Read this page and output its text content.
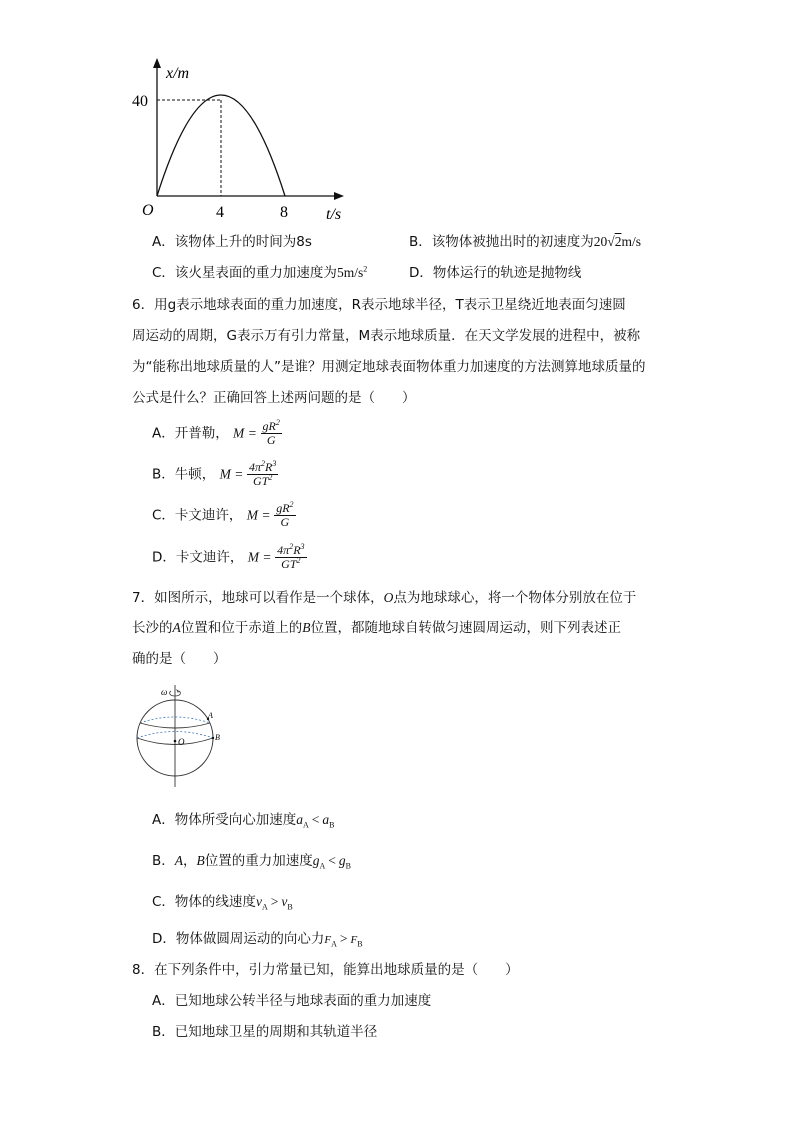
x/m
t/s
O
40
4	8
A．该物体上升的时间为8s	B．该物体被抛出时的初速度为20√2m/s
C．该火星表面的重力加速度为$5m/s^2$	D．物体运行的轨迹是抛物线
6．用g表示地球表面的重力加速度，R表示地球半径，T表示卫星绕近地表面匀速圆
周运动的周期，G表示万有引力常量，M表示地球质量．在天文学发展的进程中，被称
为“能称出地球质量的人”是谁？用测定地球表面物体重力加速度的方法测算地球质量的
公式是什么？正确回答上述两问题的是（　　）
A．开普勒， $M = \frac{gR^2}{G}$
B．牛顿， $M = \frac{4\pi^2R^3}{GT^2}$
C．卡文迪许， $M = \frac{gR^2}{G}$
D．卡文迪许， $M = \frac{4\pi^2R^3}{GT^2}$
7．如图所示，地球可以看作是一个球体，O点为地球球心，将一个物体分别放在位于
长沙的A位置和位于赤道上的B位置，都随地球自转做匀速圆周运动，则下列表述正
确的是（　　）
ω
O
A
B
A．物体所受向心加速度$a_A < a_B$
B．A，B位置的重力加速度$g_A < g_B$
C．物体的线速度$v_A > v_B$
D．物体做圆周运动的向心力$F_A > F_B$
8．在下列条件中，引力常量已知，能算出地球质量的是（　　）
A．已知地球公转半径与地球表面的重力加速度
B．已知地球卫星的周期和其轨道半径
